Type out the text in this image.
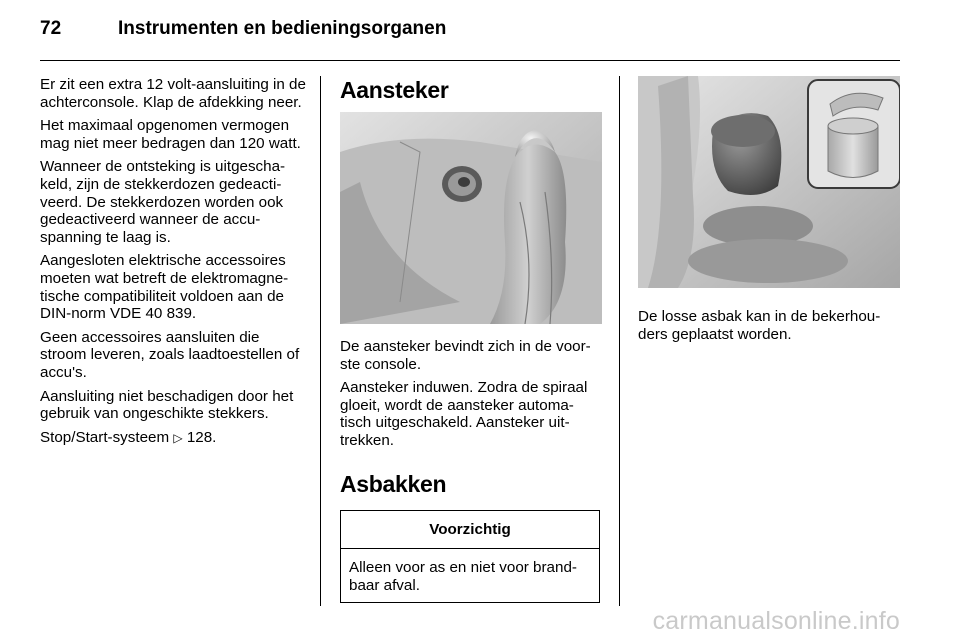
72	Instrumenten en bedieningsorganen

Er zit een extra 12 volt-aansluiting in de achterconsole. Klap de afdekking neer.

Het maximaal opgenomen vermogen mag niet meer bedragen dan 120 watt.

Wanneer de ontsteking is uitgescha- keld, zijn de stekkerdozen gedeacti- veerd. De stekkerdozen worden ook gedeactiveerd wanneer de accu- spanning te laag is.

Aangesloten elektrische accessoires moeten wat betreft de elektromagne- tische compatibiliteit voldoen aan de DIN-norm VDE 40 839.

Geen accessoires aansluiten die stroom leveren, zoals laadtoestellen of accu's.

Aansluiting niet beschadigen door het gebruik van ongeschikte stekkers.

Stop/Start-systeem ▷ 128.

Aansteker

De aansteker bevindt zich in de voor- ste console.

Aansteker induwen. Zodra de spiraal gloeit, wordt de aansteker automa- tisch uitgeschakeld. Aansteker uit- trekken.

Asbakken
Voorzichtig
Alleen voor as en niet voor brand- baar afval.

De losse asbak kan in de bekerhou- ders geplaatst worden.

carmanualsonline.info
